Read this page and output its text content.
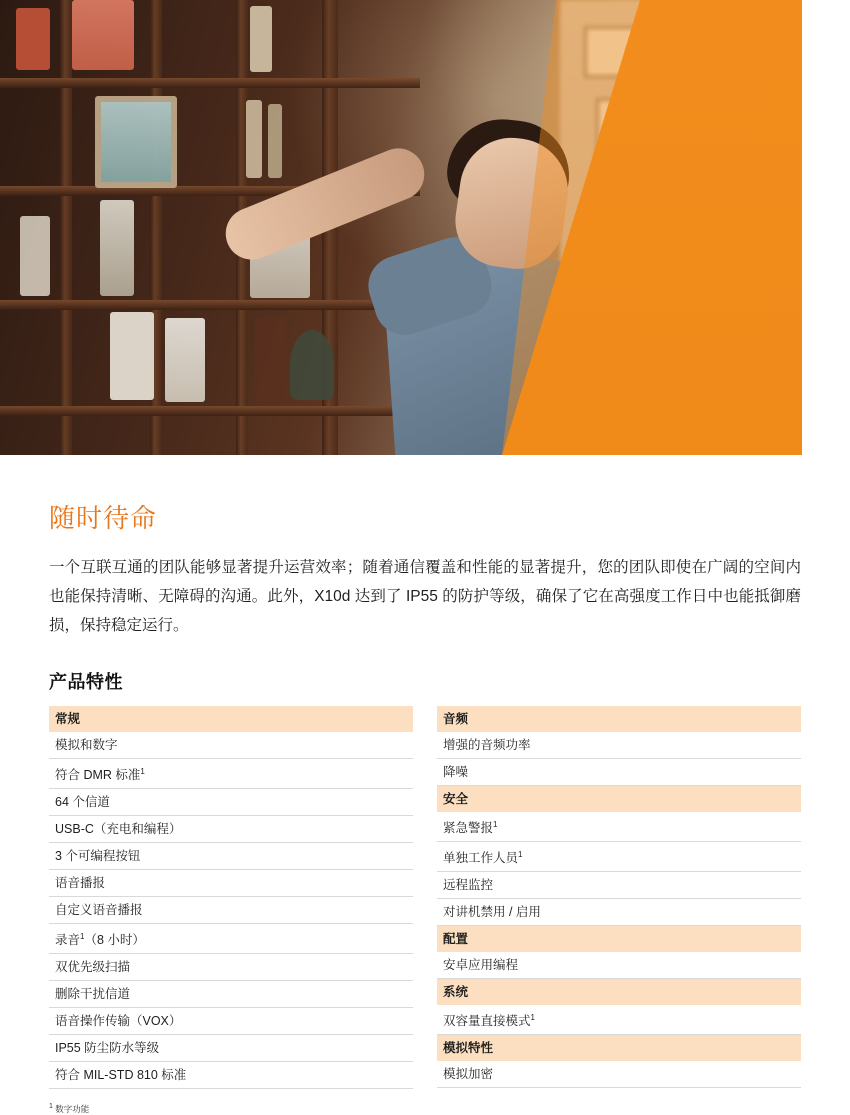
随时待命

一个互联互通的团队能够显著提升运营效率；随着通信覆盖和性能的显著提升，您的团队即使在广阔的空间内也能保持清晰、无障碍的沟通。此外，X10d 达到了 IP55 的防护等级，确保了它在高强度工作日中也能抵御磨损，保持稳定运行。

产品特性
常规
模拟和数字
符合 DMR 标准$^1$
64 个信道
USB-C（充电和编程）
3 个可编程按钮
语音播报
自定义语音播报
录音$^1$（8 小时）
双优先级扫描
删除干扰信道
语音操作传输（VOX）
IP55 防尘防水等级
符合 MIL-STD 810 标准
音频
增强的音频功率
降噪
安全
紧急警报$^1$
单独工作人员$^1$
远程监控
对讲机禁用 / 启用
配置
安卓应用编程
系统
双容量直接模式$^1$
模拟特性
模拟加密
$^1$ 数字功能
